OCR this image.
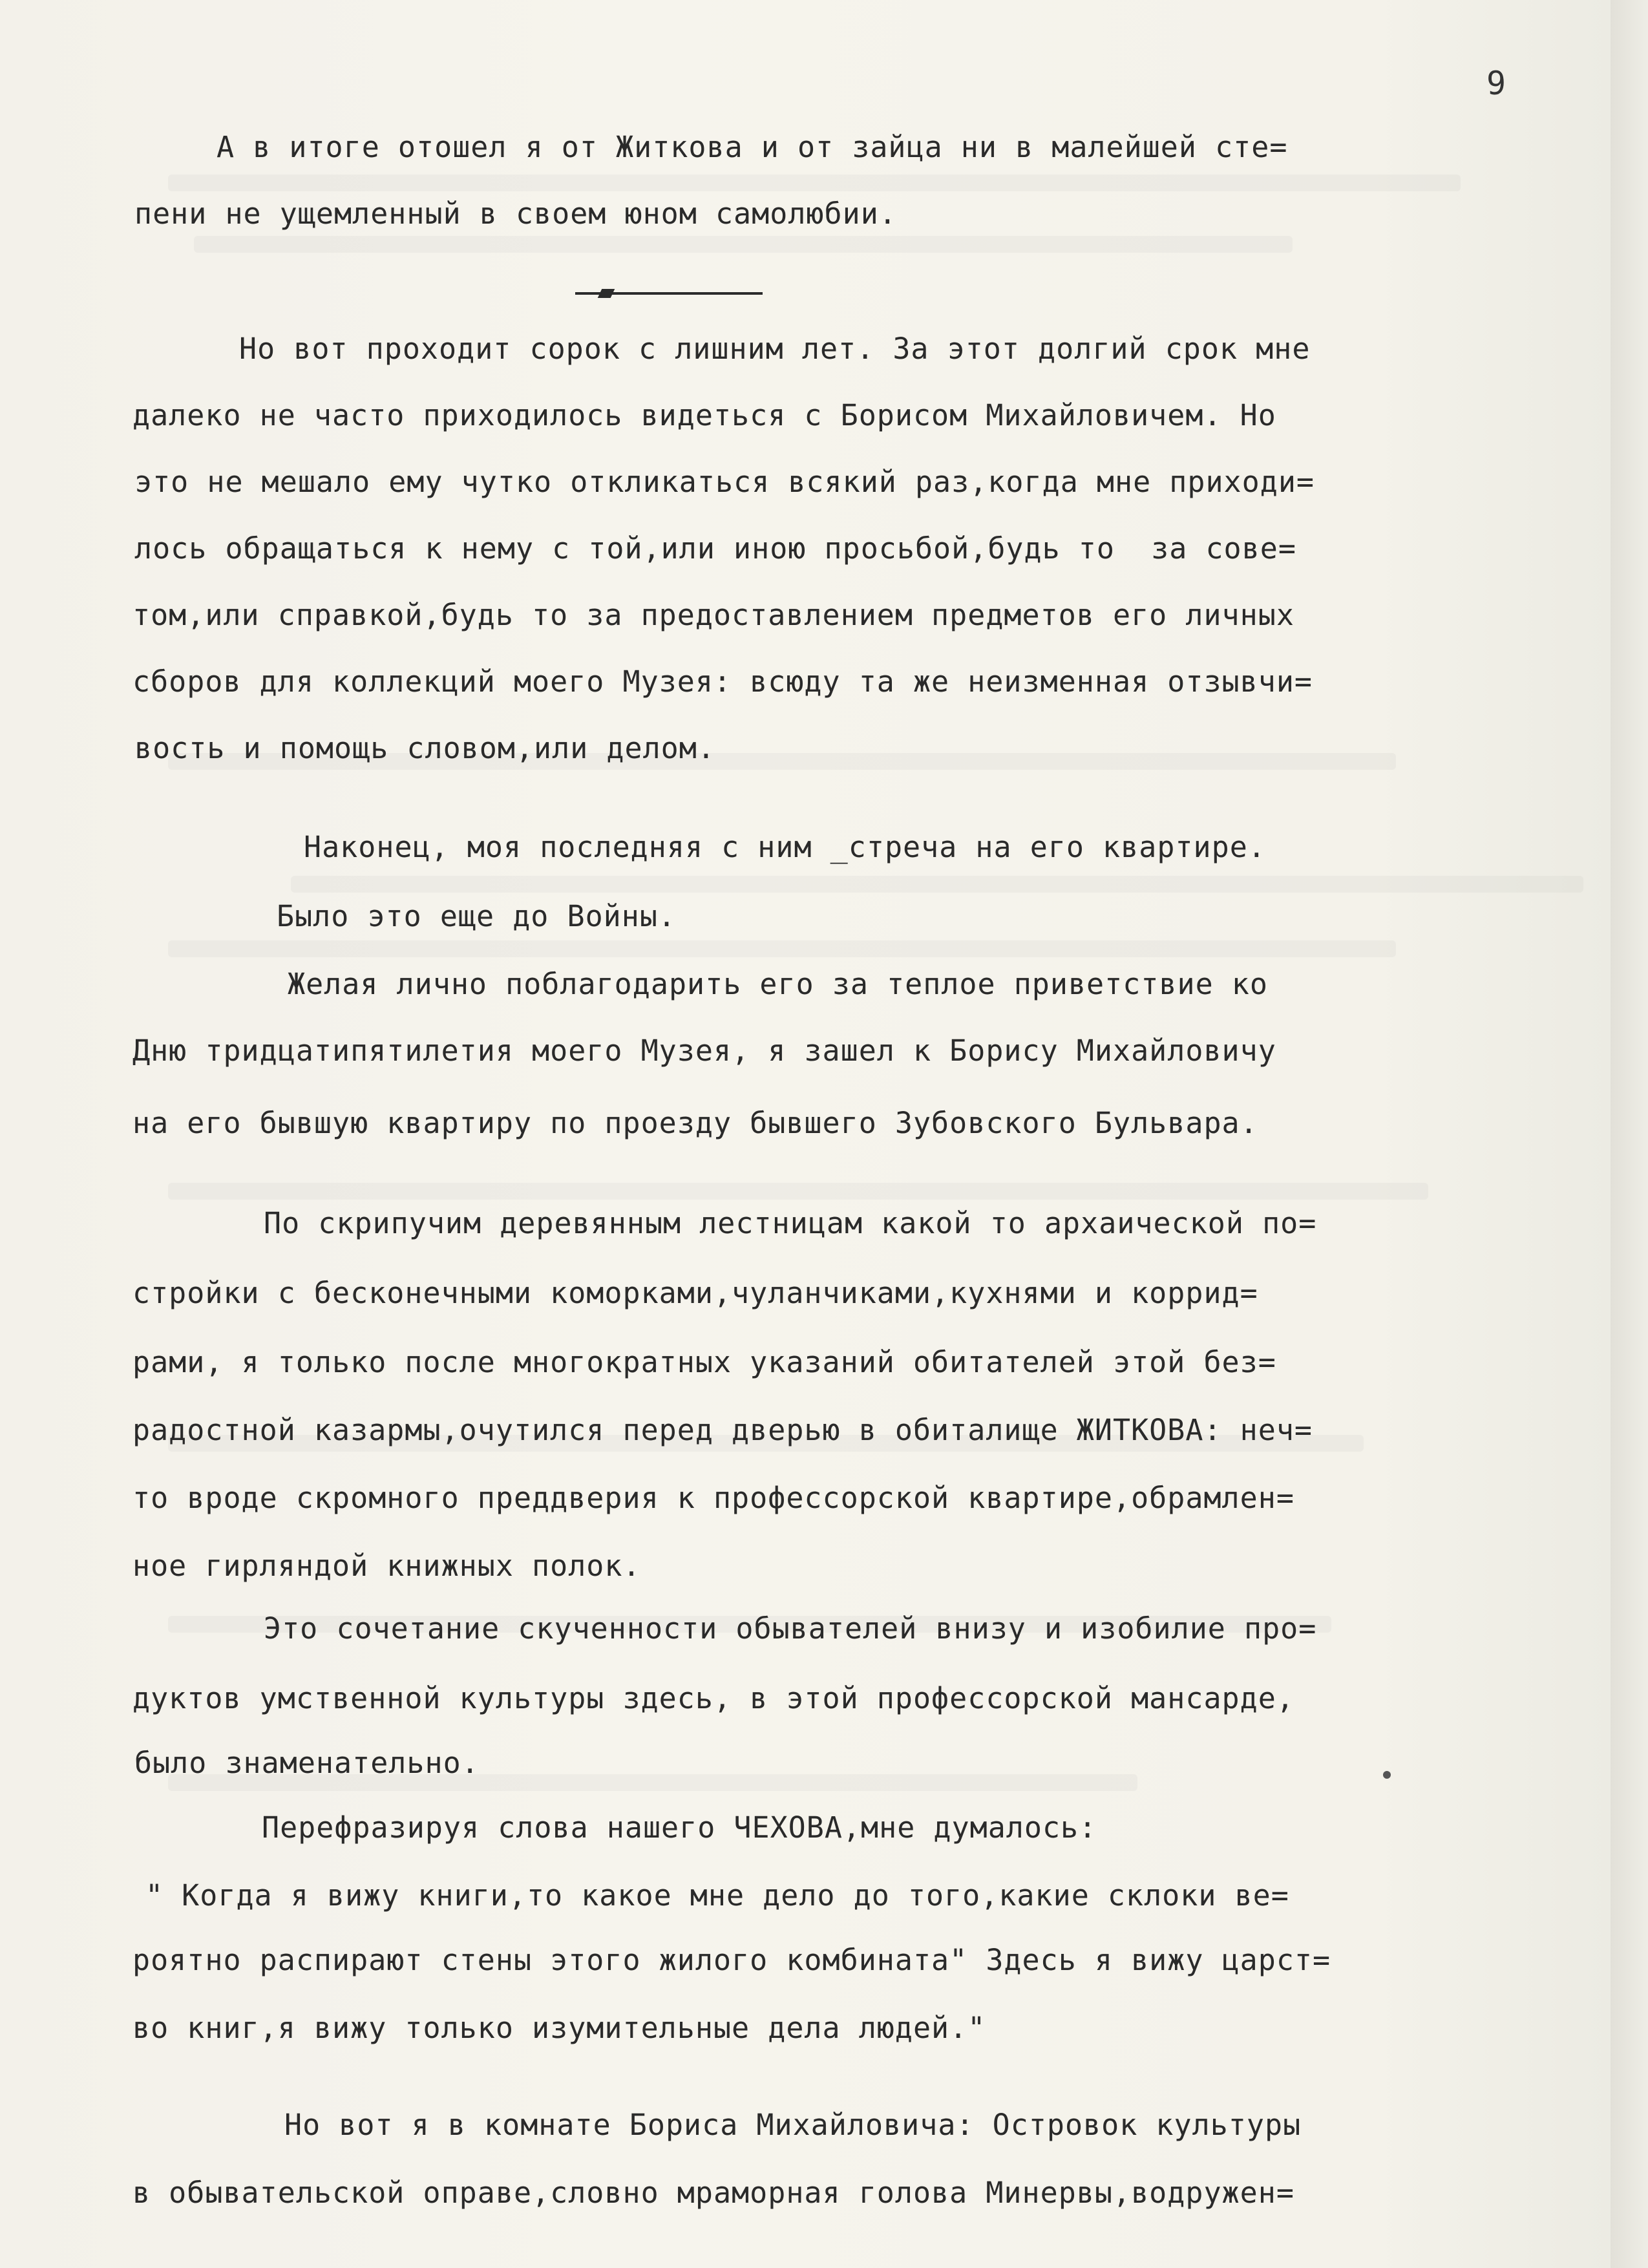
9
А в итоге отошел я от Житкова и от зайца ни в малейшей сте=
пени не ущемленный в своем юном самолюбии.
Но вот проходит сорок с лишним лет. За этот долгий срок мне
далеко не часто приходилось видеться с Борисом Михайловичем. Но
это не мешало ему чутко откликаться всякий раз,когда мне приходи=
лось обращаться к нему с той,или иною просьбой,будь то  за сове=
том,или справкой,будь то за предоставлением предметов его личных
сборов для коллекций моего Музея: всюду та же неизменная отзывчи=
вость и помощь словом,или делом.
Наконец, моя последняя с ним _стреча на его квартире.
Было это еще до Войны.
Желая лично поблагодарить его за теплое приветствие ко
Дню тридцатипятилетия моего Музея, я зашел к Борису Михайловичу
на его бывшую квартиру по проезду бывшего Зубовского Бульвара.
По скрипучим деревянным лестницам какой то архаической по=
стройки с бесконечными коморками,чуланчиками,кухнями и коррид=
рами, я только после многократных указаний обитателей этой без=
радостной казармы,очутился перед дверью в обиталище ЖИТКОВА: неч=
то вроде скромного преддверия к профессорской квартире,обрамлен=
ное гирляндой книжных полок.
Это сочетание скученности обывателей внизу и изобилие про=
дуктов умственной культуры здесь, в этой профессорской мансарде,
было знаменательно.
Перефразируя слова нашего ЧЕХОВА,мне думалось:
" Когда я вижу книги,то какое мне дело до того,какие склоки ве=
роятно распирают стены этого жилого комбината" Здесь я вижу царст=
во книг,я вижу только изумительные дела людей."
Но вот я в комнате Бориса Михайловича: Островок культуры
в обывательской оправе,словно мраморная голова Минервы,водружен=
